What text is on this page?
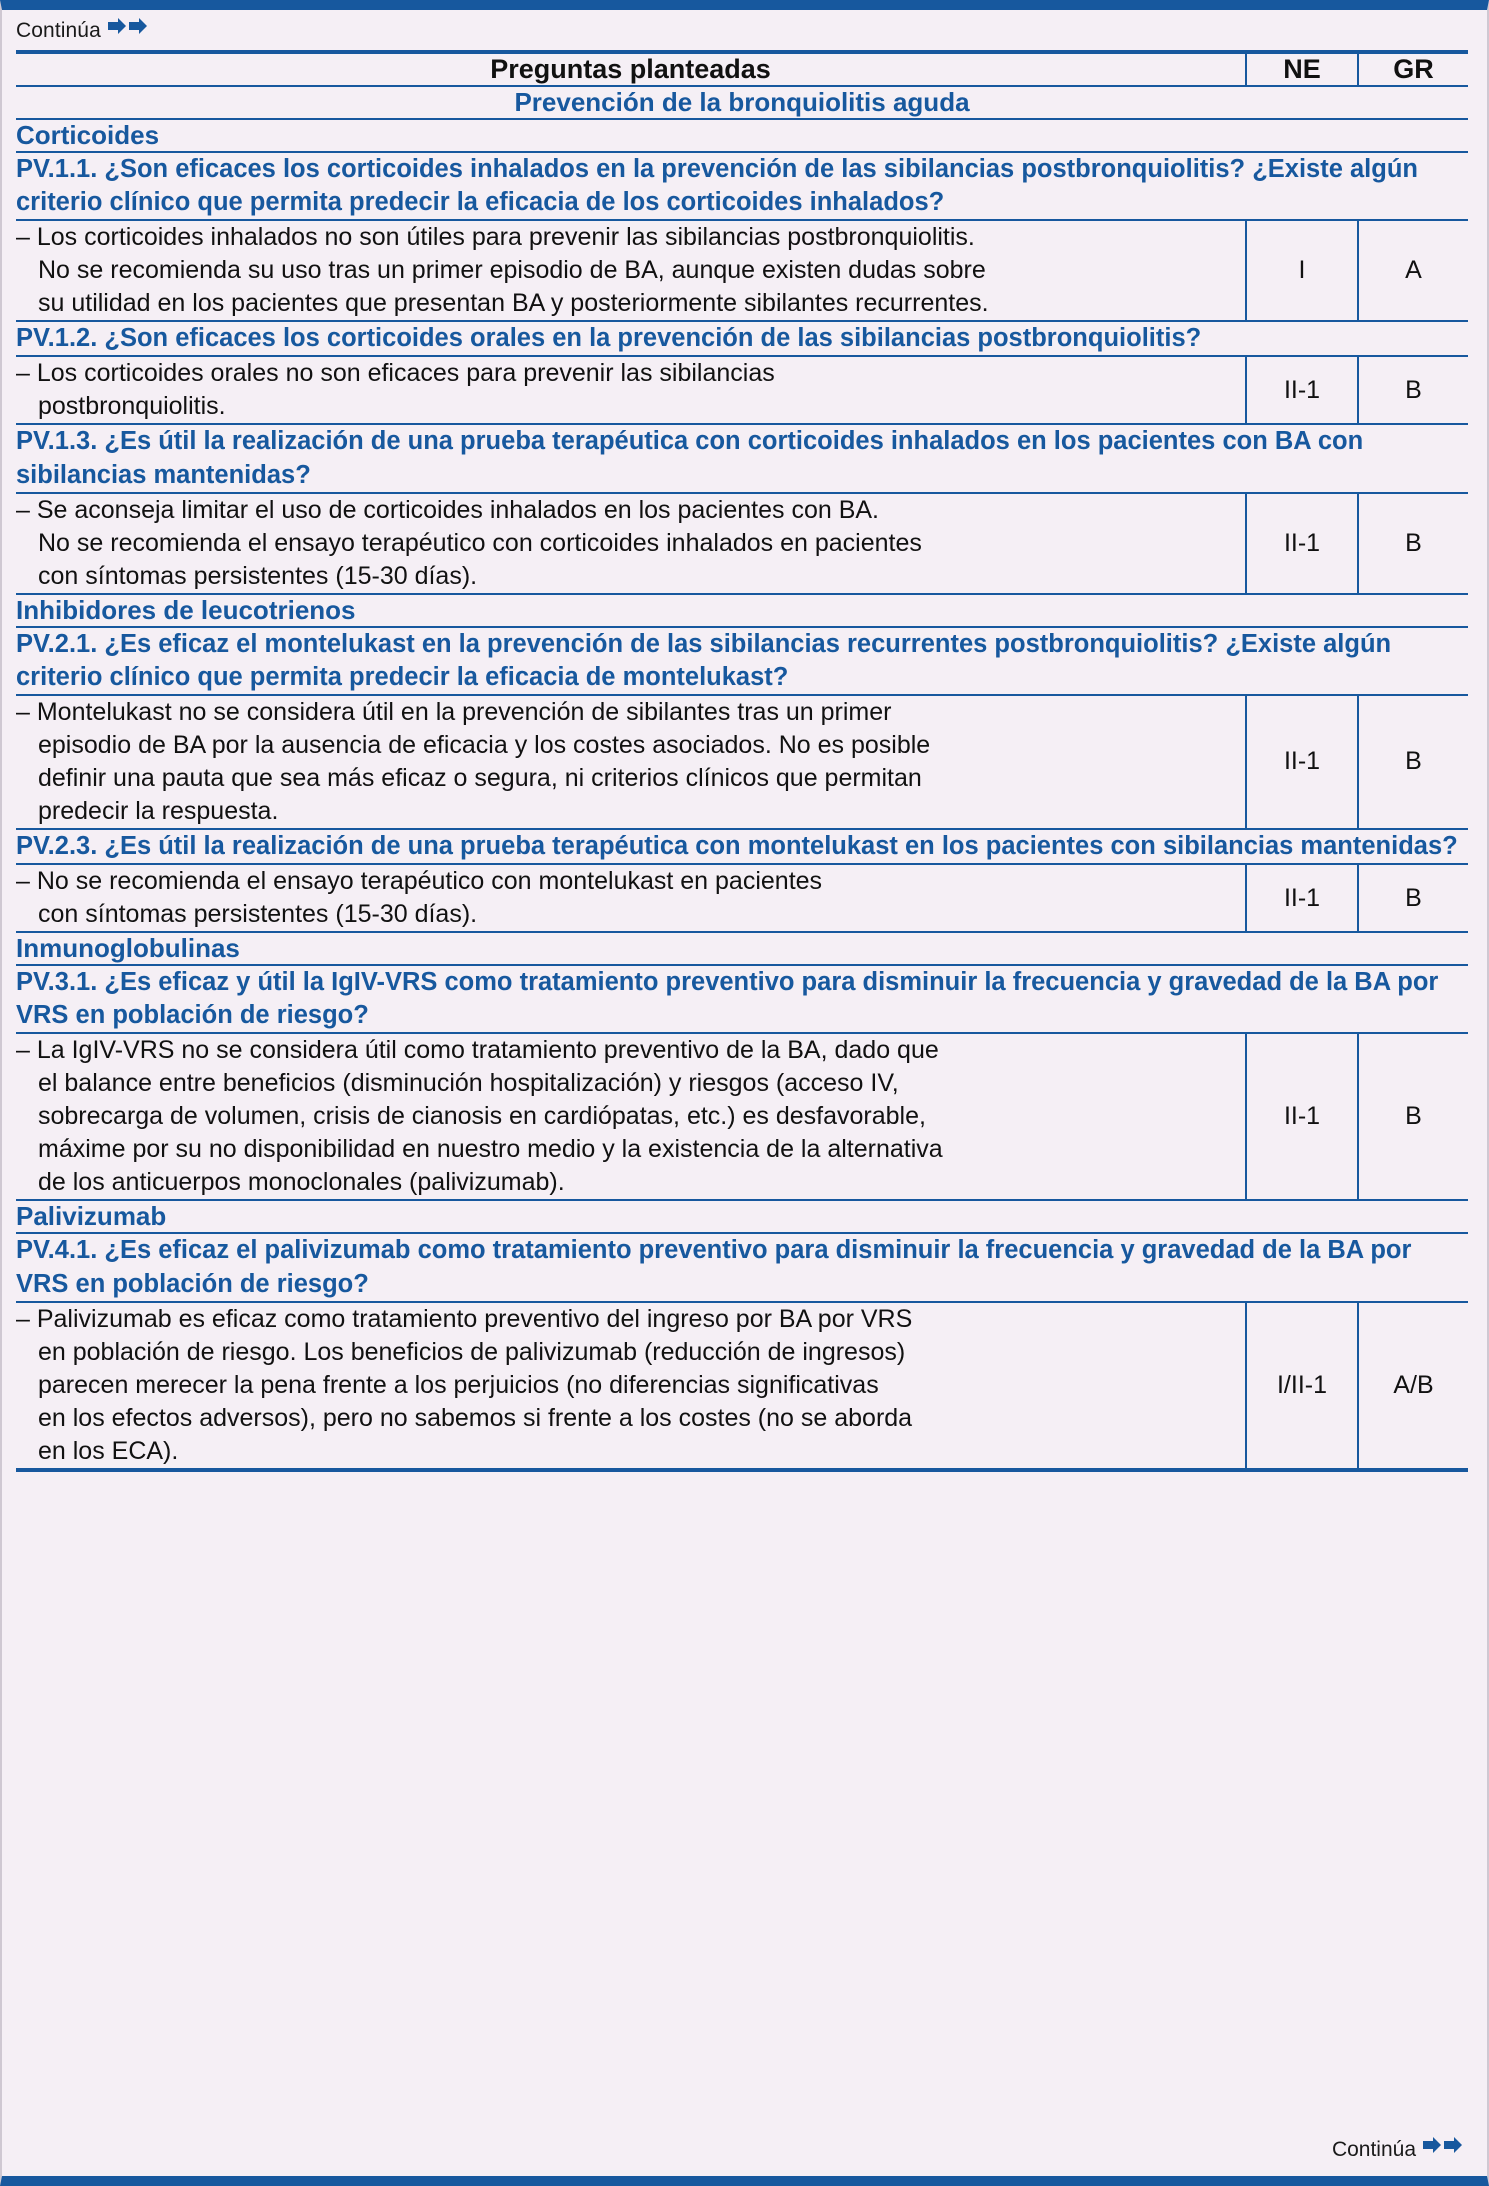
Continúa
Preguntas planteadas	NE	GR
Prevención de la bronquiolitis aguda		
Corticoides		
PV.1.1. ¿Son eficaces los corticoides inhalados en la prevención de las sibilancias postbronquiolitis? ¿Existe algún criterio clínico que permita predecir la eficacia de los corticoides inhalados?		

– Los corticoides inhalados no son útiles para prevenir las sibilancias postbronquiolitis.
No se recomienda su uso tras un primer episodio de BA, aunque existen dudas sobre
su utilidad en los pacientes que presentan BA y posteriormente sibilantes recurrentes.	I	A
PV.1.2. ¿Son eficaces los corticoides orales en la prevención de las sibilancias postbronquiolitis?		

– Los corticoides orales no son eficaces para prevenir las sibilancias
postbronquiolitis.	II-1	B
PV.1.3. ¿Es útil la realización de una prueba terapéutica con corticoides inhalados en los pacientes con BA con sibilancias mantenidas?		

– Se aconseja limitar el uso de corticoides inhalados en los pacientes con BA.
No se recomienda el ensayo terapéutico con corticoides inhalados en pacientes
con síntomas persistentes (15-30 días).	II-1	B
Inhibidores de leucotrienos		
PV.2.1. ¿Es eficaz el montelukast en la prevención de las sibilancias recurrentes postbronquiolitis? ¿Existe algún criterio clínico que permita predecir la eficacia de montelukast?		

– Montelukast no se considera útil en la prevención de sibilantes tras un primer
episodio de BA por la ausencia de eficacia y los costes asociados. No es posible
definir una pauta que sea más eficaz o segura, ni criterios clínicos que permitan
predecir la respuesta.	II-1	B
PV.2.3. ¿Es útil la realización de una prueba terapéutica con montelukast en los pacientes con sibilancias mantenidas?		

– No se recomienda el ensayo terapéutico con montelukast en pacientes
con síntomas persistentes (15-30 días).	II-1	B
Inmunoglobulinas		
PV.3.1. ¿Es eficaz y útil la IgIV-VRS como tratamiento preventivo para disminuir la frecuencia y gravedad de la BA por VRS en población de riesgo?		

– La IgIV-VRS no se considera útil como tratamiento preventivo de la BA, dado que
el balance entre beneficios (disminución hospitalización) y riesgos (acceso IV,
sobrecarga de volumen, crisis de cianosis en cardiópatas, etc.) es desfavorable,
máxime por su no disponibilidad en nuestro medio y la existencia de la alternativa
de los anticuerpos monoclonales (palivizumab).	II-1	B
Palivizumab		
PV.4.1. ¿Es eficaz el palivizumab como tratamiento preventivo para disminuir la frecuencia y gravedad de la BA por VRS en población de riesgo?		

– Palivizumab es eficaz como tratamiento preventivo del ingreso por BA por VRS
en población de riesgo. Los beneficios de palivizumab (reducción de ingresos)
parecen merecer la pena frente a los perjuicios (no diferencias significativas
en los efectos adversos), pero no sabemos si frente a los costes (no se aborda
en los ECA).	I/II-1	A/B

Continúa
